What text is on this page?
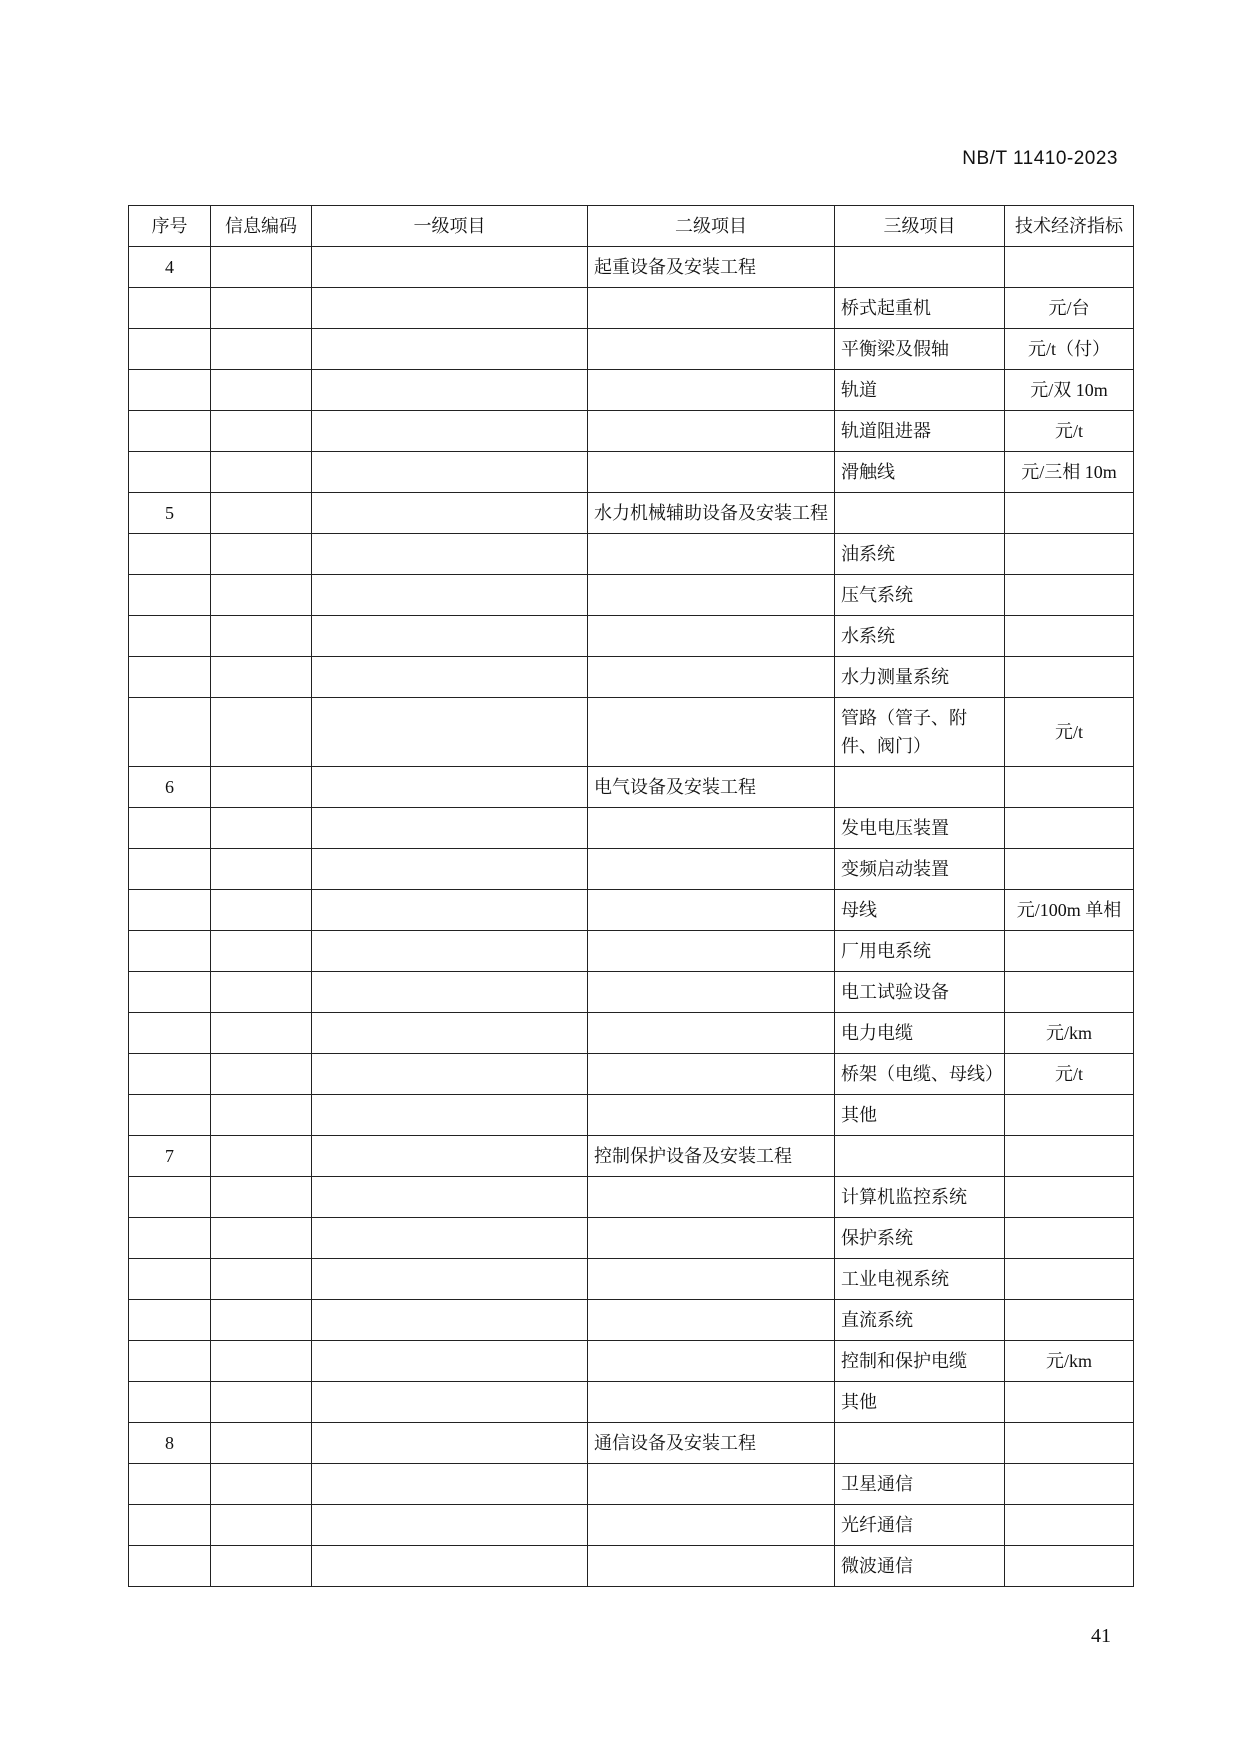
NB/T 11410-2023
序号	信息编码	一级项目	二级项目	三级项目	技术经济指标
4			起重设备及安装工程		
				桥式起重机	元/台
				平衡梁及假轴	元/t（付）
				轨道	元/双 10m
				轨道阻进器	元/t
				滑触线	元/三相 10m
5			水力机械辅助设备及安装工程		
				油系统	
				压气系统	
				水系统	
				水力测量系统	
				管路（管子、附件、阀门）	元/t
6			电气设备及安装工程		
				发电电压装置	
				变频启动装置	
				母线	元/100m 单相
				厂用电系统	
				电工试验设备	
				电力电缆	元/km
				桥架（电缆、母线）	元/t
				其他	
7			控制保护设备及安装工程		
				计算机监控系统	
				保护系统	
				工业电视系统	
				直流系统	
				控制和保护电缆	元/km
				其他	
8			通信设备及安装工程		
				卫星通信	
				光纤通信	
				微波通信	
41
